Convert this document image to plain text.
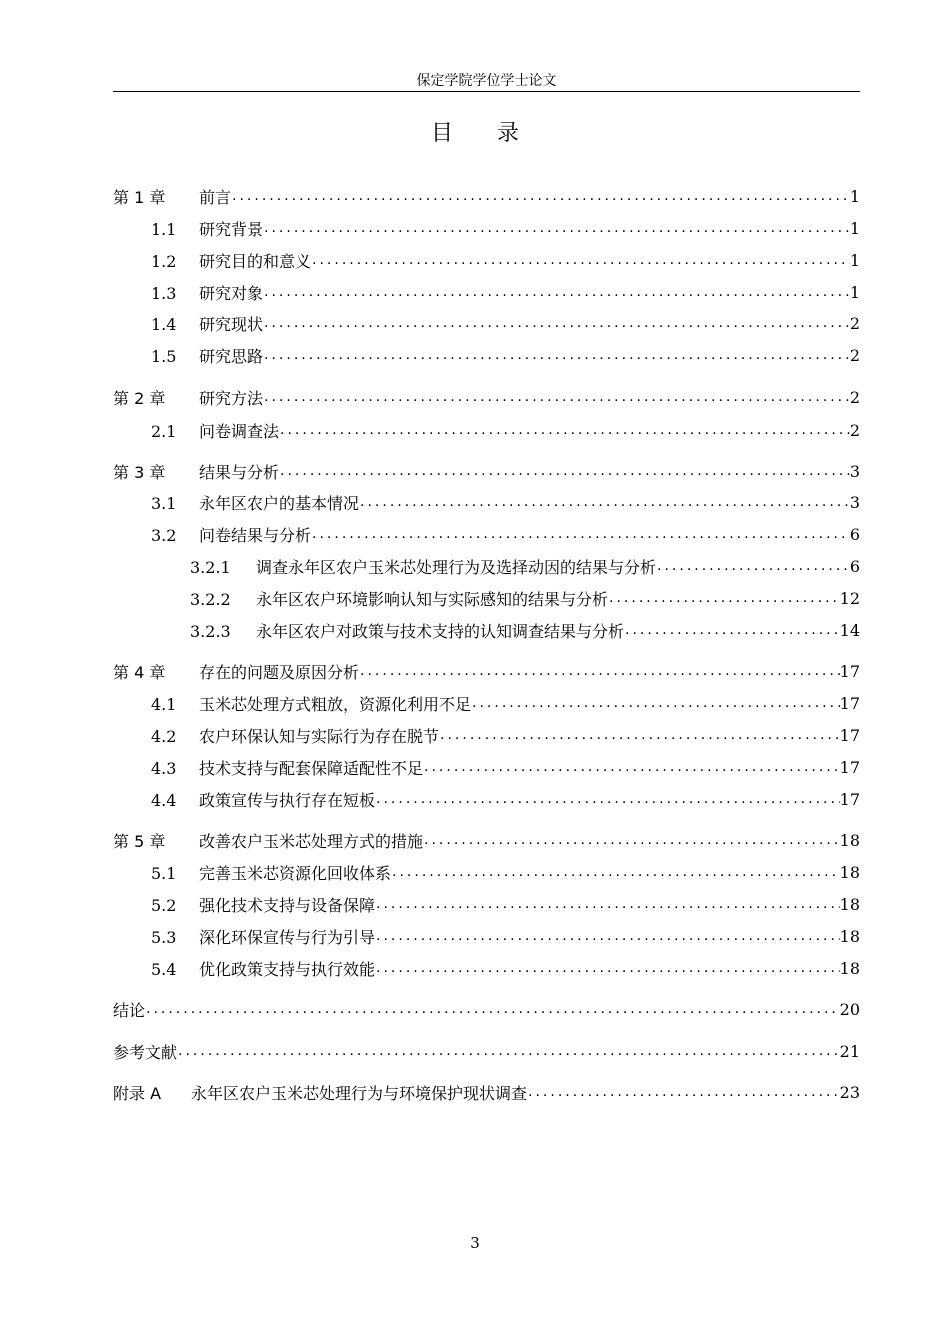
保定学院学位学士论文
目 录
第 1 章 前言 .....	1
1.1 研究背景 .....	1
1.2 研究目的和意义 .....	1
1.3 研究对象 .....	1
1.4 研究现状 .....	2
1.5 研究思路 .....	2
第 2 章 研究方法 .....	2
2.1 问卷调查法 .....	2
第 3 章 结果与分析 .....	3
3.1 永年区农户的基本情况 .....	3
3.2 问卷结果与分析 .....	6
3.2.1 调查永年区农户玉米芯处理行为及选择动因的结果与分析 .....	6
3.2.2 永年区农户环境影响认知与实际感知的结果与分析 .....	12
3.2.3 永年区农户对政策与技术支持的认知调查结果与分析 .....	14
第 4 章 存在的问题及原因分析 .....	17
4.1 玉米芯处理方式粗放，资源化利用不足 .....	17
4.2 农户环保认知与实际行为存在脱节 .....	17
4.3 技术支持与配套保障适配性不足 .....	17
4.4 政策宣传与执行存在短板 .....	17
第 5 章 改善农户玉米芯处理方式的措施 .....	18
5.1 完善玉米芯资源化回收体系 .....	18
5.2 强化技术支持与设备保障 .....	18
5.3 深化环保宣传与行为引导 .....	18
5.4 优化政策支持与执行效能 .....	18
结论 .....	20
参考文献 .....	21
附录 A 永年区农户玉米芯处理行为与环境保护现状调查 .....	23
3
